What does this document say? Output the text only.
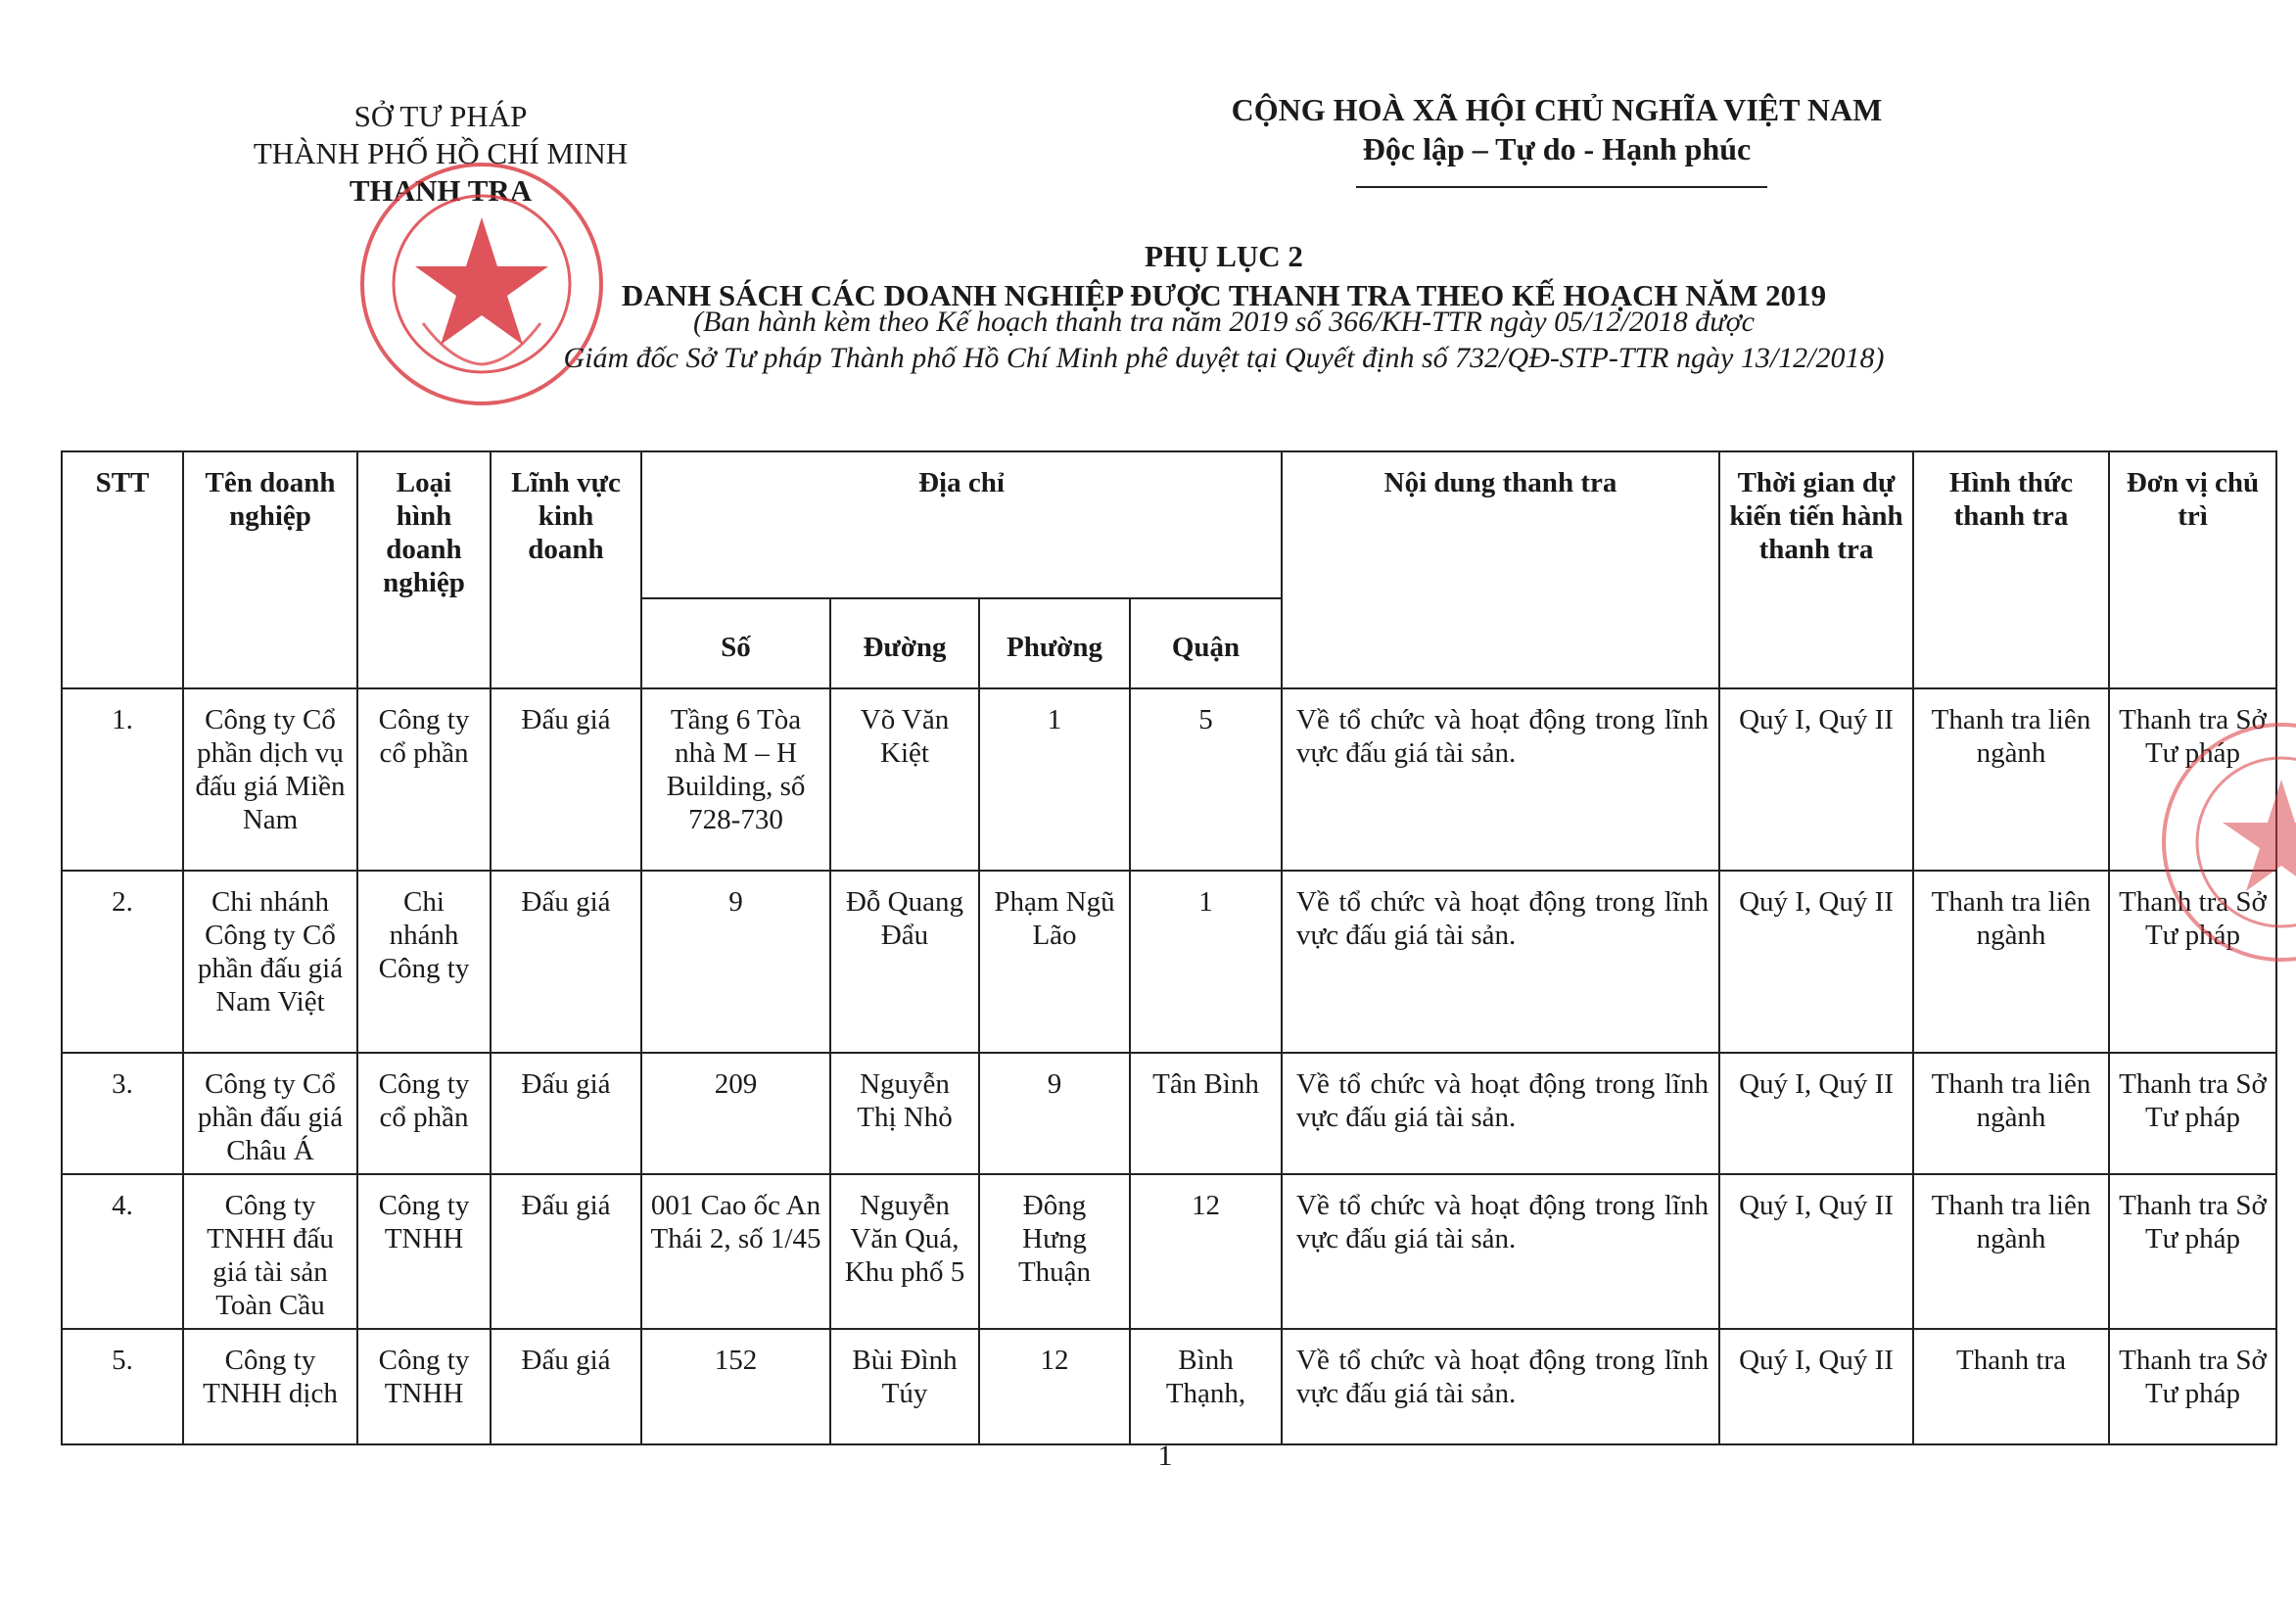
SỞ TƯ PHÁP
THÀNH PHỐ HỒ CHÍ MINH
THANH TRA
CỘNG HOÀ XÃ HỘI CHỦ NGHĨA VIỆT NAM
Độc lập – Tự do - Hạnh phúc
PHỤ LỤC 2
DANH SÁCH CÁC DOANH NGHIỆP ĐƯỢC THANH TRA THEO KẾ HOẠCH NĂM 2019
(Ban hành kèm theo Kế hoạch thanh tra năm 2019 số 366/KH-TTR ngày 05/12/2018 được
Giám đốc Sở Tư pháp Thành phố Hồ Chí Minh phê duyệt tại Quyết định số 732/QĐ-STP-TTR ngày 13/12/2018)
STT	Tên doanh nghiệp	Loại hình doanh nghiệp	Lĩnh vực kinh doanh	Địa chỉ				Nội dung thanh tra	Thời gian dự kiến tiến hành thanh tra	Hình thức thanh tra	Đơn vị chủ trì
				Số	Đường	Phường	Quận				
1.	Công ty Cổ phần dịch vụ đấu giá Miền Nam	Công ty cổ phần	Đấu giá	Tầng 6 Tòa nhà M – H Building, số 728-730	Võ Văn Kiệt	1	5	Về tổ chức và hoạt động trong lĩnh vực đấu giá tài sản.	Quý I, Quý II	Thanh tra liên ngành	Thanh tra Sở Tư pháp
2.	Chi nhánh Công ty Cổ phần đấu giá Nam Việt	Chi nhánh Công ty	Đấu giá	9	Đỗ Quang Đẩu	Phạm Ngũ Lão	1	Về tổ chức và hoạt động trong lĩnh vực đấu giá tài sản.	Quý I, Quý II	Thanh tra liên ngành	Thanh tra Sở Tư pháp
3.	Công ty Cổ phần đấu giá Châu Á	Công ty cổ phần	Đấu giá	209	Nguyễn Thị Nhỏ	9	Tân Bình	Về tổ chức và hoạt động trong lĩnh vực đấu giá tài sản.	Quý I, Quý II	Thanh tra liên ngành	Thanh tra Sở Tư pháp
4.	Công ty TNHH đấu giá tài sản Toàn Cầu	Công ty TNHH	Đấu giá	001 Cao ốc An Thái 2, số 1/45	Nguyễn Văn Quá, Khu phố 5	Đông Hưng Thuận	12	Về tổ chức và hoạt động trong lĩnh vực đấu giá tài sản.	Quý I, Quý II	Thanh tra liên ngành	Thanh tra Sở Tư pháp
5.	Công ty TNHH dịch	Công ty TNHH	Đấu giá	152	Bùi Đình Túy	12	Bình Thạnh,	Về tổ chức và hoạt động trong lĩnh vực đấu giá tài sản.	Quý I, Quý II	Thanh tra	Thanh tra Sở Tư pháp
1
